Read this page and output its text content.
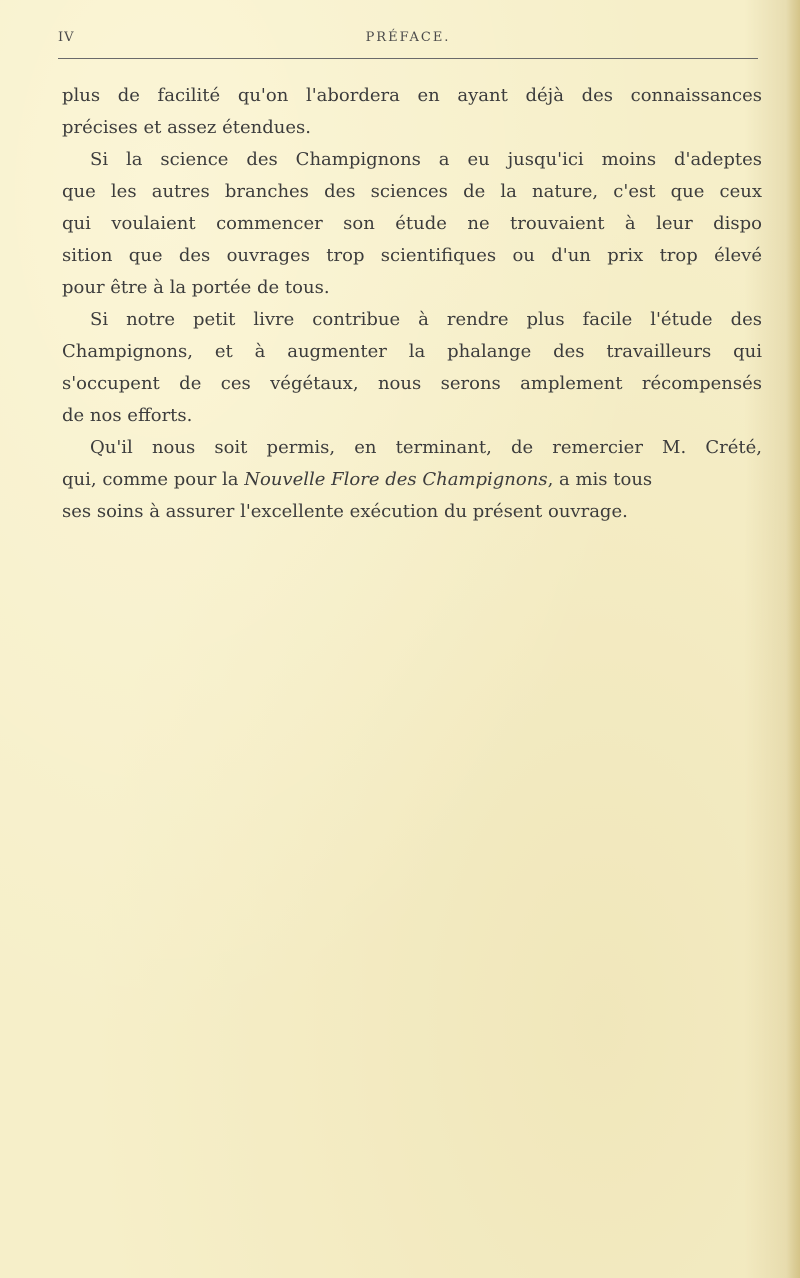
IV	PRÉFACE.
plus de facilité qu'on l'abordera en ayant déjà des connaissances
précises et assez étendues.
Si la science des Champignons a eu jusqu'ici moins d'adeptes
que les autres branches des sciences de la nature, c'est que ceux
qui voulaient commencer son étude ne trouvaient à leur dispo
sition que des ouvrages trop scientifiques ou d'un prix trop élevé
pour être à la portée de tous.
Si notre petit livre contribue à rendre plus facile l'étude des
Champignons, et à augmenter la phalange des travailleurs qui
s'occupent de ces végétaux, nous serons amplement récompensés
de nos efforts.
Qu'il nous soit permis, en terminant, de remercier M. Crété,
qui, comme pour la Nouvelle Flore des Champignons, a mis tous
ses soins à assurer l'excellente exécution du présent ouvrage.
